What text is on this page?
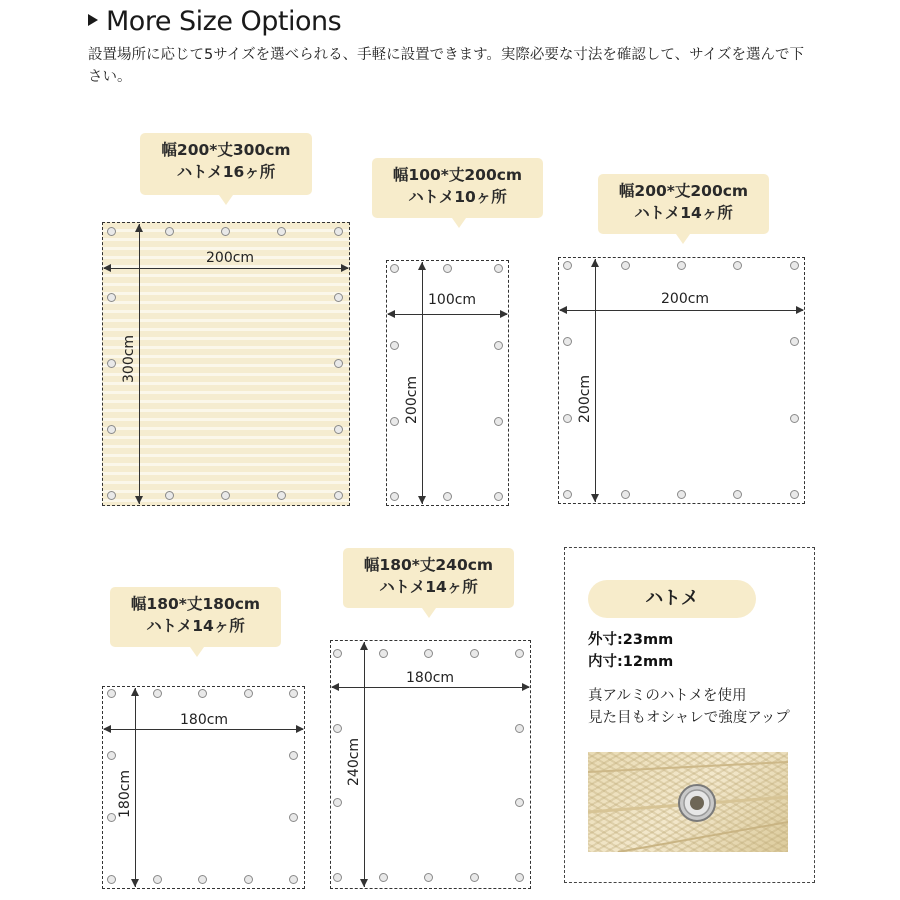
More Size Options
設置場所に応じて5サイズを選べられる、手軽に設置できます。実際必要な寸法を確認して、サイズを選んで下さい。
幅200*丈300cm
ハトメ16ヶ所
200cm
300cm
幅100*丈200cm
ハトメ10ヶ所
100cm
200cm
幅200*丈200cm
ハトメ14ヶ所
200cm
200cm
幅180*丈180cm
ハトメ14ヶ所
180cm
180cm
幅180*丈240cm
ハトメ14ヶ所
180cm
240cm
ハトメ
外寸:23mm
内寸:12mm
真アルミのハトメを使用
見た目もオシャレで強度アップ
